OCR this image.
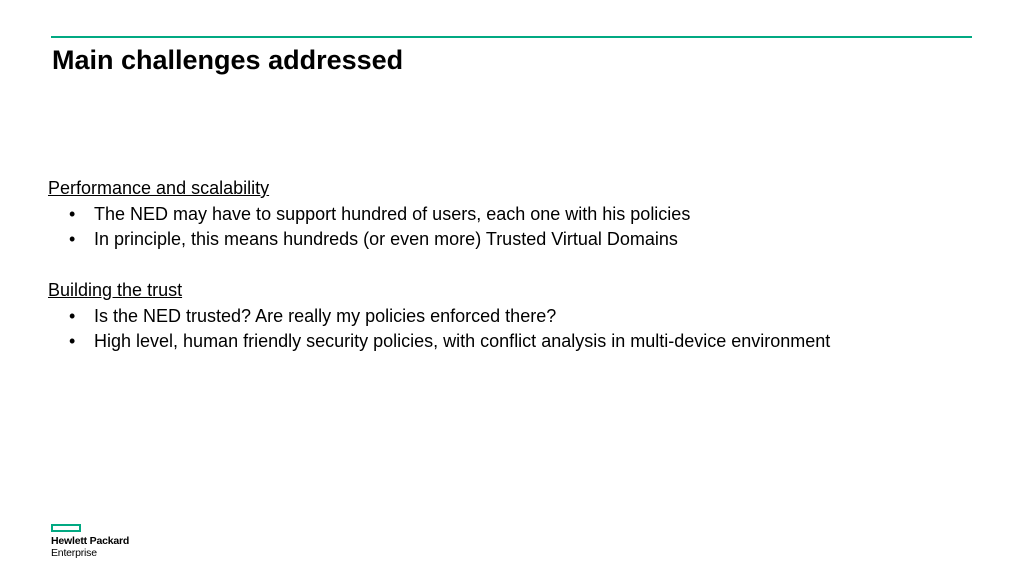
Main challenges addressed
Performance and scalability
• The NED may have to support hundred of users, each one with his policies
• In principle, this means hundreds (or even more) Trusted Virtual Domains
Building the trust
• Is the NED trusted? Are really my policies enforced there?
• High level, human friendly security policies, with conflict analysis in multi-device environment
Hewlett Packard
Enterprise
